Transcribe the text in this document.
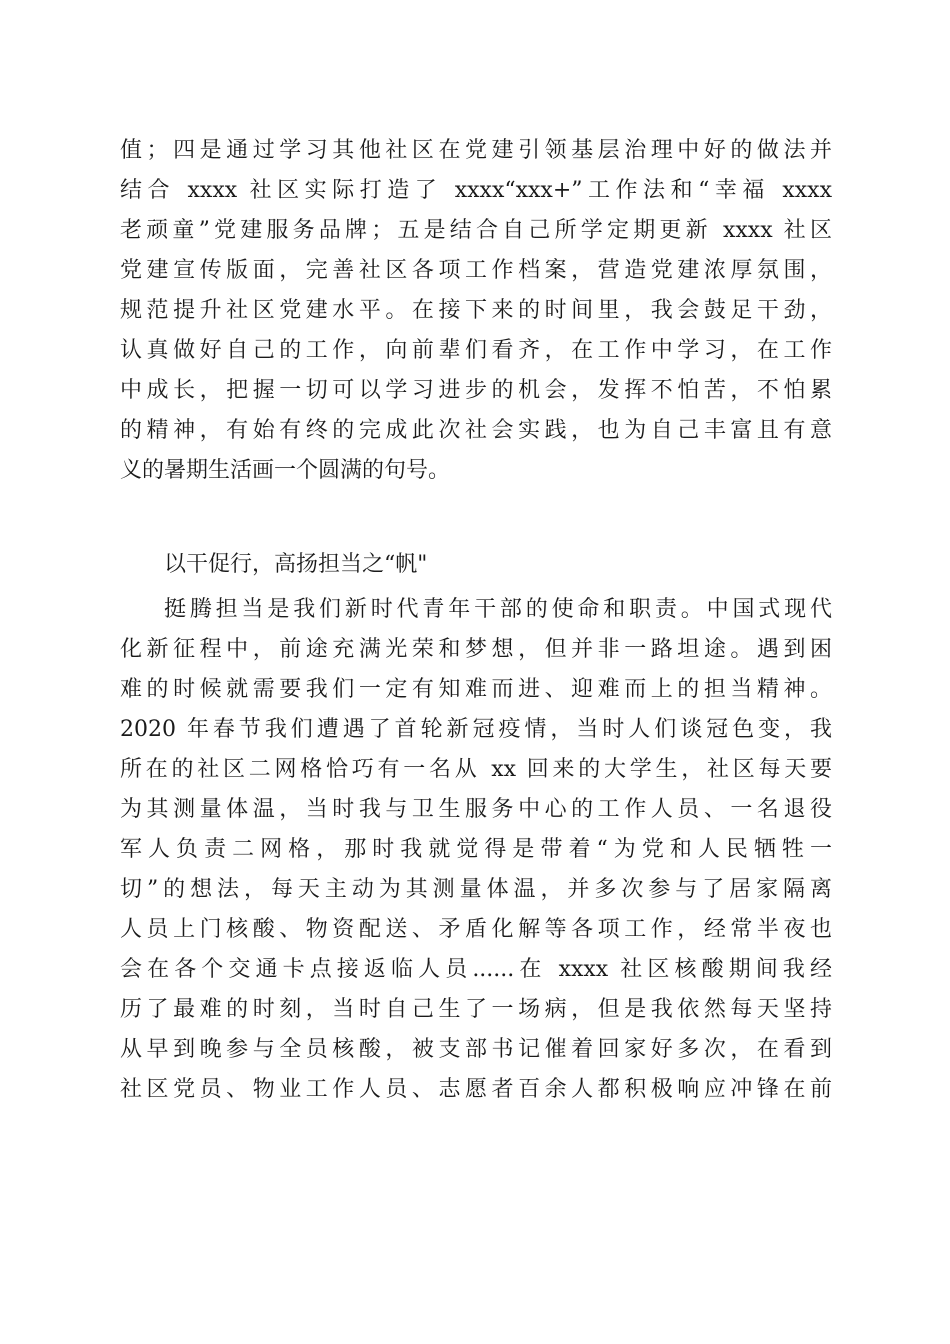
值；四是通过学习其他社区在党建引领基层治理中好的做法并
结合 xxxx 社区实际打造了 xxxx“xxx+”工作法和“幸福 xxxx
老顽童”党建服务品牌；五是结合自己所学定期更新 xxxx 社区
党建宣传版面，完善社区各项工作档案，营造党建浓厚氛围，
规范提升社区党建水平。在接下来的时间里，我会鼓足干劲，
认真做好自己的工作，向前辈们看齐，在工作中学习，在工作
中成长，把握一切可以学习进步的机会，发挥不怕苦，不怕累
的精神，有始有终的完成此次社会实践，也为自己丰富且有意
义的暑期生活画一个圆满的句号。
以干促行，高扬担当之“帆"
挺腾担当是我们新时代青年干部的使命和职责。中国式现代
化新征程中，前途充满光荣和梦想，但并非一路坦途。遇到困
难的时候就需要我们一定有知难而进、迎难而上的担当精神。
2020 年春节我们遭遇了首轮新冠疫情，当时人们谈冠色变，我
所在的社区二网格恰巧有一名从 xx 回来的大学生，社区每天要
为其测量体温，当时我与卫生服务中心的工作人员、一名退役
军人负责二网格，那时我就觉得是带着“为党和人民牺牲一
切”的想法，每天主动为其测量体温，并多次参与了居家隔离
人员上门核酸、物资配送、矛盾化解等各项工作，经常半夜也
会在各个交通卡点接返临人员......在 xxxx 社区核酸期间我经
历了最难的时刻，当时自己生了一场病，但是我依然每天坚持
从早到晚参与全员核酸，被支部书记催着回家好多次，在看到
社区党员、物业工作人员、志愿者百余人都积极响应冲锋在前
